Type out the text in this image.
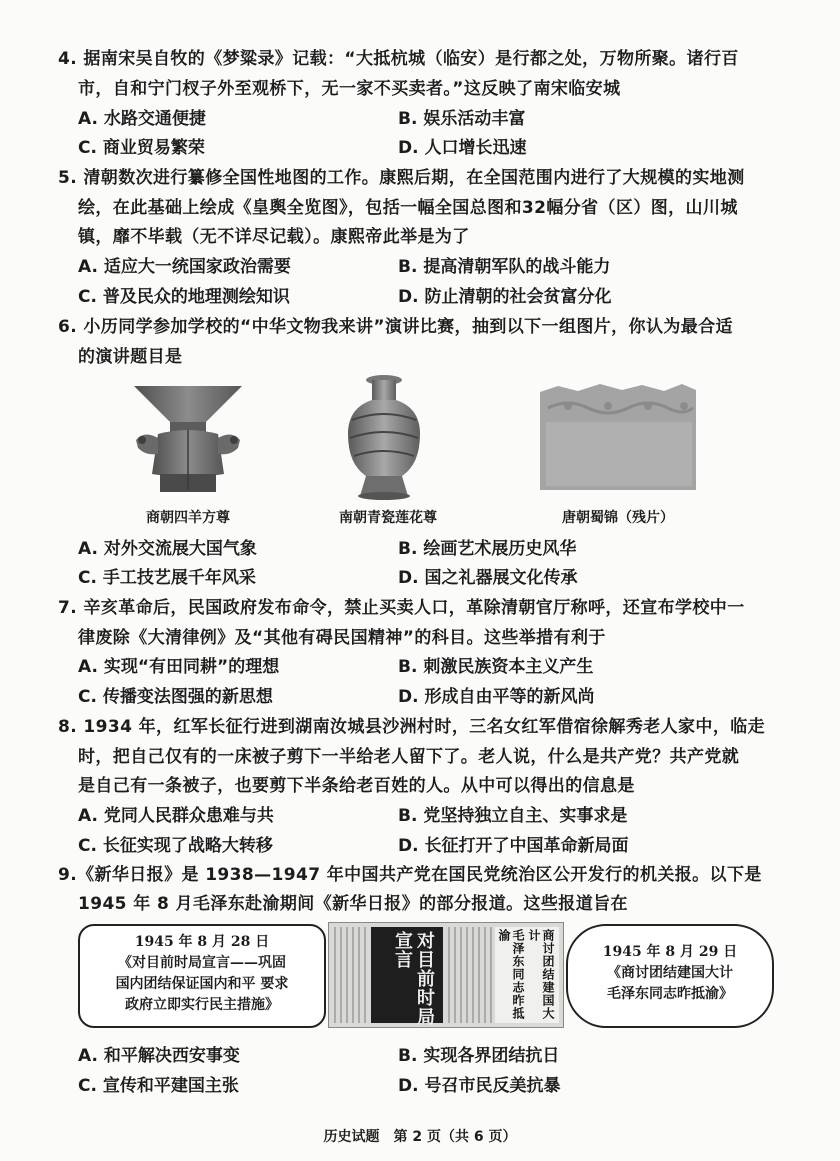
4. 据南宋吴自牧的《梦粱录》记载：“大抵杭城（临安）是行都之处，万物所聚。诸行百
市，自和宁门杈子外至观桥下，无一家不买卖者。”这反映了南宋临安城
A. 水路交通便捷	B. 娱乐活动丰富
C. 商业贸易繁荣	D. 人口增长迅速
5. 清朝数次进行纂修全国性地图的工作。康熙后期，在全国范围内进行了大规模的实地测
绘，在此基础上绘成《皇舆全览图》，包括一幅全国总图和32幅分省（区）图，山川城
镇，靡不毕载（无不详尽记载）。康熙帝此举是为了
A. 适应大一统国家政治需要	B. 提高清朝军队的战斗能力
C. 普及民众的地理测绘知识	D. 防止清朝的社会贫富分化
6. 小历同学参加学校的“中华文物我来讲”演讲比赛，抽到以下一组图片，你认为最合适
的演讲题目是
商朝四羊方尊	南朝青瓷莲花尊	唐朝蜀锦（残片）
A. 对外交流展大国气象	B. 绘画艺术展历史风华
C. 手工技艺展千年风采	D. 国之礼器展文化传承
7. 辛亥革命后，民国政府发布命令，禁止买卖人口，革除清朝官厅称呼，还宣布学校中一
律废除《大清律例》及“其他有碍民国精神”的科目。这些举措有利于
A. 实现“有田同耕”的理想	B. 刺激民族资本主义产生
C. 传播变法图强的新思想	D. 形成自由平等的新风尚
8. 1934 年，红军长征行进到湖南汝城县沙洲村时，三名女红军借宿徐解秀老人家中，临走
时，把自己仅有的一床被子剪下一半给老人留下了。老人说，什么是共产党？共产党就
是自己有一条被子，也要剪下半条给老百姓的人。从中可以得出的信息是
A. 党同人民群众患难与共	B. 党坚持独立自主、实事求是
C. 长征实现了战略大转移	D. 长征打开了中国革命新局面
9.《新华日报》是 1938—1947 年中国共产党在国民党统治区公开发行的机关报。以下是
1945 年 8 月毛泽东赴渝期间《新华日报》的部分报道。这些报道旨在
1945 年 8 月 28 日
《对目前时局宣言——巩固
国内团结保证国内和平 要求
政府立即实行民主措施》	对目前时局宣言	毛泽东同志昨抵渝	商讨团结建国大计
1945 年 8 月 29 日
《商讨团结建国大计
毛泽东同志昨抵渝》
A. 和平解决西安事变	B. 实现各界团结抗日
C. 宣传和平建国主张	D. 号召市民反美抗暴
历史试题　第 2 页（共 6 页）
